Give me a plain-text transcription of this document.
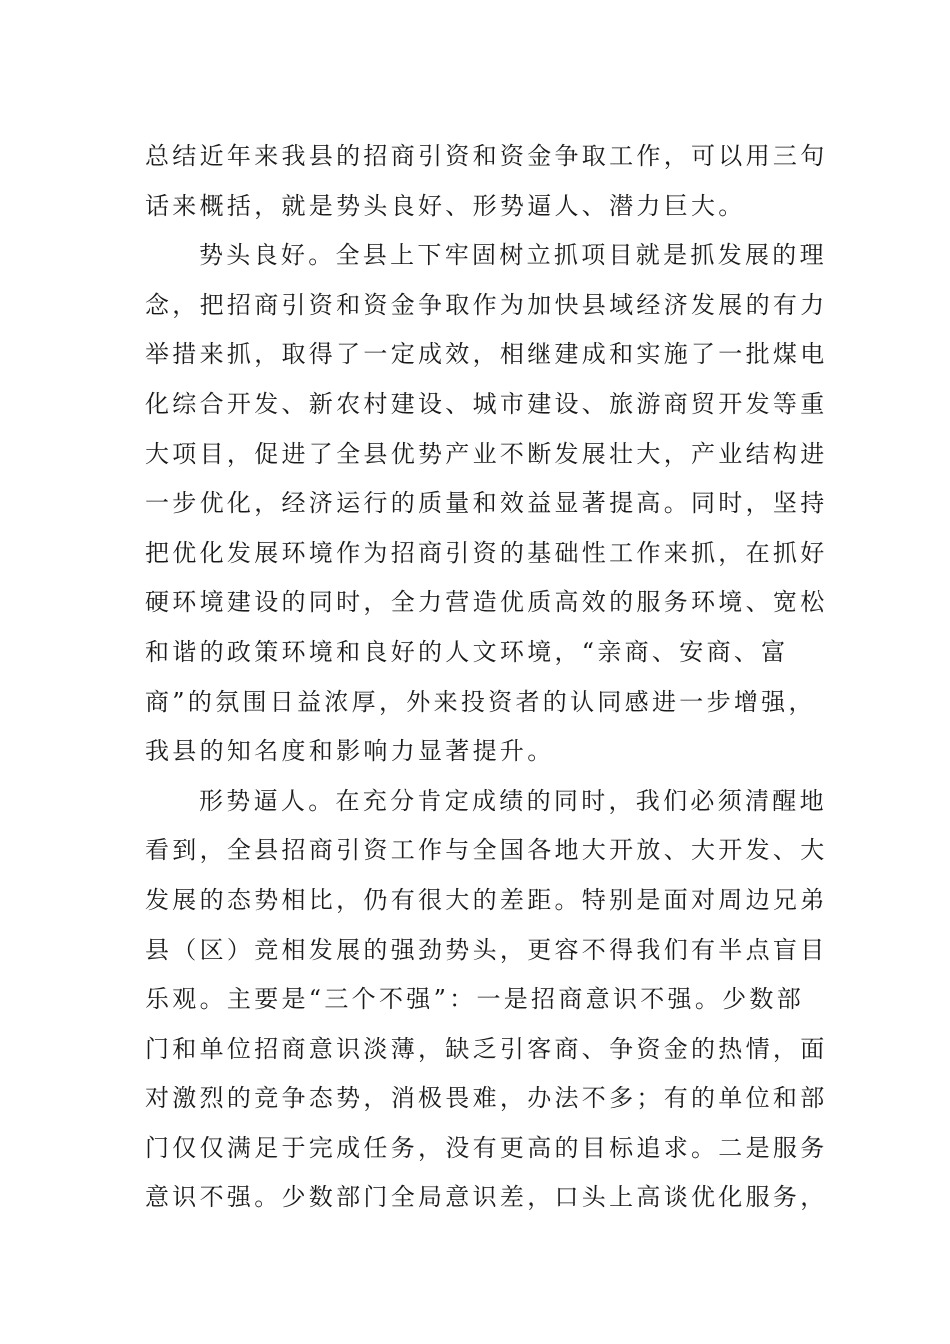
总结近年来我县的招商引资和资金争取工作，可以用三句
话来概括，就是势头良好、形势逼人、潜力巨大。
势头良好。全县上下牢固树立抓项目就是抓发展的理
念，把招商引资和资金争取作为加快县域经济发展的有力
举措来抓，取得了一定成效，相继建成和实施了一批煤电
化综合开发、新农村建设、城市建设、旅游商贸开发等重
大项目，促进了全县优势产业不断发展壮大，产业结构进
一步优化，经济运行的质量和效益显著提高。同时，坚持
把优化发展环境作为招商引资的基础性工作来抓，在抓好
硬环境建设的同时，全力营造优质高效的服务环境、宽松
和谐的政策环境和良好的人文环境，“亲商、安商、富
商”的氛围日益浓厚，外来投资者的认同感进一步增强，
我县的知名度和影响力显著提升。
形势逼人。在充分肯定成绩的同时，我们必须清醒地
看到，全县招商引资工作与全国各地大开放、大开发、大
发展的态势相比，仍有很大的差距。特别是面对周边兄弟
县（区）竞相发展的强劲势头，更容不得我们有半点盲目
乐观。主要是“三个不强”：一是招商意识不强。少数部
门和单位招商意识淡薄，缺乏引客商、争资金的热情，面
对激烈的竞争态势，消极畏难，办法不多；有的单位和部
门仅仅满足于完成任务，没有更高的目标追求。二是服务
意识不强。少数部门全局意识差，口头上高谈优化服务，
